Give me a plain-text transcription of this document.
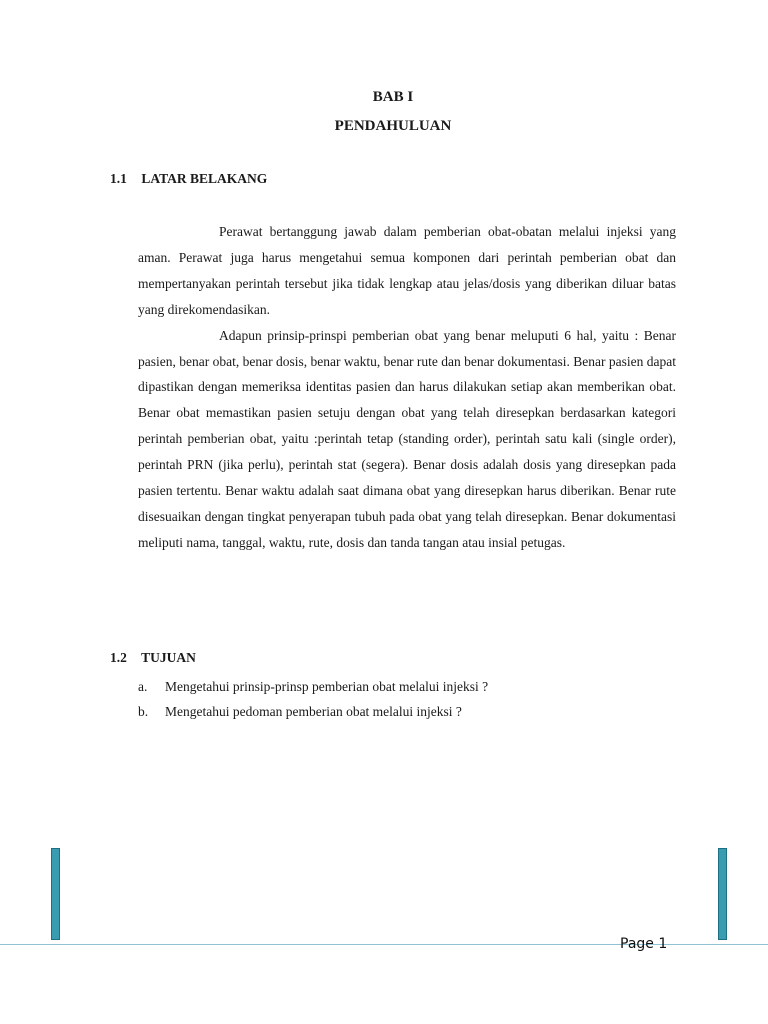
BAB I
PENDAHULUAN
1.1 LATAR BELAKANG

Perawat bertanggung jawab dalam pemberian obat-obatan melalui injeksi yang aman. Perawat juga harus mengetahui semua komponen dari perintah pemberian obat dan mempertanyakan perintah tersebut jika tidak lengkap atau jelas/dosis yang diberikan diluar batas yang direkomendasikan.

Adapun prinsip-prinspi pemberian obat yang benar meluputi 6 hal, yaitu : Benar pasien, benar obat, benar dosis, benar waktu, benar rute dan benar dokumentasi. Benar pasien dapat dipastikan dengan memeriksa identitas pasien dan harus dilakukan setiap akan memberikan obat. Benar obat memastikan pasien setuju dengan obat yang telah diresepkan berdasarkan kategori perintah pemberian obat, yaitu :perintah tetap (standing order), perintah satu kali (single order), perintah PRN (jika perlu), perintah stat (segera). Benar dosis adalah dosis yang diresepkan pada pasien tertentu. Benar waktu adalah saat dimana obat yang diresepkan harus diberikan. Benar rute disesuaikan dengan tingkat penyerapan tubuh pada obat yang telah diresepkan. Benar dokumentasi meliputi nama, tanggal, waktu, rute, dosis dan tanda tangan atau insial petugas.

1.2 TUJUAN
a.	Mengetahui prinsip-prinsp pemberian obat melalui injeksi ?
b.	Mengetahui pedoman pemberian obat melalui injeksi ?
Page 1
